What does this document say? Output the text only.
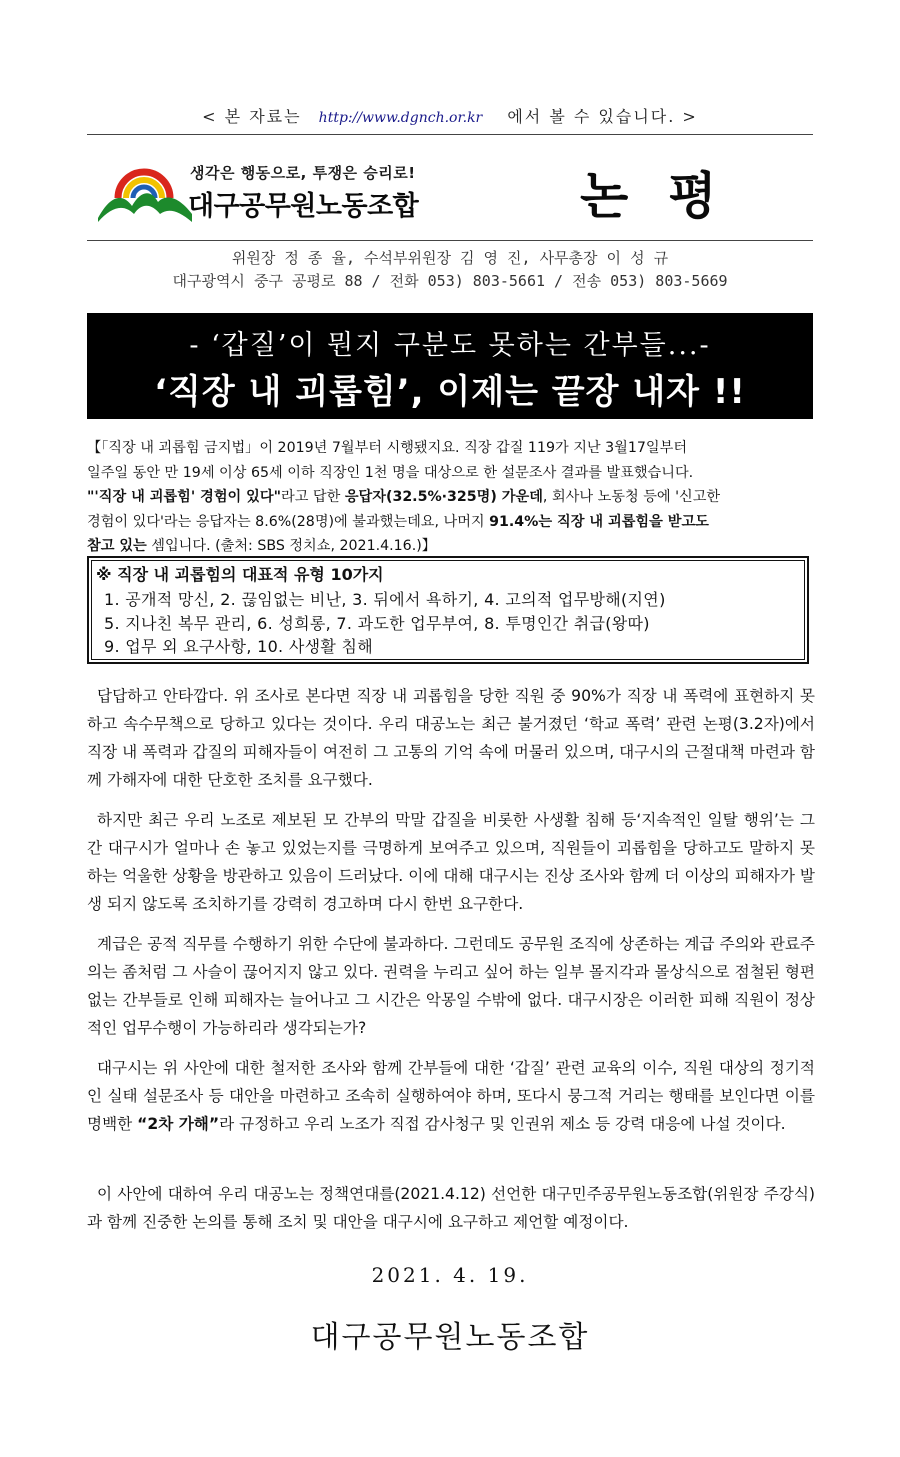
< 본 자료는 http://www.dgnch.or.kr 에서 볼 수 있습니다. >
생각은 행동으로, 투쟁은 승리로!
대구공무원노동조합	논평
위원장 정 종 율, 수석부위원장 김 영 진, 사무총장 이 성 규
대구광역시 중구 공평로 88 / 전화 053) 803-5661 / 전송 053) 803-5669
- ‘갑질’이 뭔지 구분도 못하는 간부들...-
‘직장 내 괴롭힘’, 이제는 끝장 내자 !!
【「직장 내 괴롭힘 금지법」이 2019년 7월부터 시행됐지요. 직장 갑질 119가 지난 3월17일부터
일주일 동안 만 19세 이상 65세 이하 직장인 1천 명을 대상으로 한 설문조사 결과를 발표했습니다.
"'직장 내 괴롭힘' 경험이 있다"라고 답한 응답자(32.5%·325명) 가운데, 회사나 노동청 등에 '신고한
경험이 있다'라는 응답자는 8.6%(28명)에 불과했는데요, 나머지 91.4%는 직장 내 괴롭힘을 받고도
참고 있는 셈입니다. (출처: SBS 정치쇼, 2021.4.16.)】
※ 직장 내 괴롭힘의 대표적 유형 10가지
1. 공개적 망신, 2. 끊임없는 비난, 3. 뒤에서 욕하기, 4. 고의적 업무방해(지연)
5. 지나친 복무 관리, 6. 성희롱, 7. 과도한 업무부여, 8. 투명인간 취급(왕따)
9. 업무 외 요구사항, 10. 사생활 침해
답답하고 안타깝다. 위 조사로 본다면 직장 내 괴롭힘을 당한 직원 중 90%가 직장 내 폭력에 표현하지 못하고 속수무책으로 당하고 있다는 것이다. 우리 대공노는 최근 불거졌던 ‘학교 폭력’ 관련 논평(3.2자)에서 직장 내 폭력과 갑질의 피해자들이 여전히 그 고통의 기억 속에 머물러 있으며, 대구시의 근절대책 마련과 함께 가해자에 대한 단호한 조치를 요구했다.
하지만 최근 우리 노조로 제보된 모 간부의 막말 갑질을 비롯한 사생활 침해 등‘지속적인 일탈 행위’는 그 간 대구시가 얼마나 손 놓고 있었는지를 극명하게 보여주고 있으며, 직원들이 괴롭힘을 당하고도 말하지 못하는 억울한 상황을 방관하고 있음이 드러났다. 이에 대해 대구시는 진상 조사와 함께 더 이상의 피해자가 발생 되지 않도록 조치하기를 강력히 경고하며 다시 한번 요구한다.
계급은 공적 직무를 수행하기 위한 수단에 불과하다. 그런데도 공무원 조직에 상존하는 계급 주의와 관료주의는 좀처럼 그 사슬이 끊어지지 않고 있다. 권력을 누리고 싶어 하는 일부 몰지각과 몰상식으로 점철된 형편없는 간부들로 인해 피해자는 늘어나고 그 시간은 악몽일 수밖에 없다. 대구시장은 이러한 피해 직원이 정상적인 업무수행이 가능하리라 생각되는가?
대구시는 위 사안에 대한 철저한 조사와 함께 간부들에 대한 ‘갑질’ 관련 교육의 이수, 직원 대상의 정기적인 실태 설문조사 등 대안을 마련하고 조속히 실행하여야 하며, 또다시 뭉그적 거리는 행태를 보인다면 이를 명백한 “2차 가해”라 규정하고 우리 노조가 직접 감사청구 및 인권위 제소 등 강력 대응에 나설 것이다.
이 사안에 대하여 우리 대공노는 정책연대를(2021.4.12) 선언한 대구민주공무원노동조합(위원장 주강식)과 함께 진중한 논의를 통해 조치 및 대안을 대구시에 요구하고 제언할 예정이다.
2021. 4. 19.
대구공무원노동조합
